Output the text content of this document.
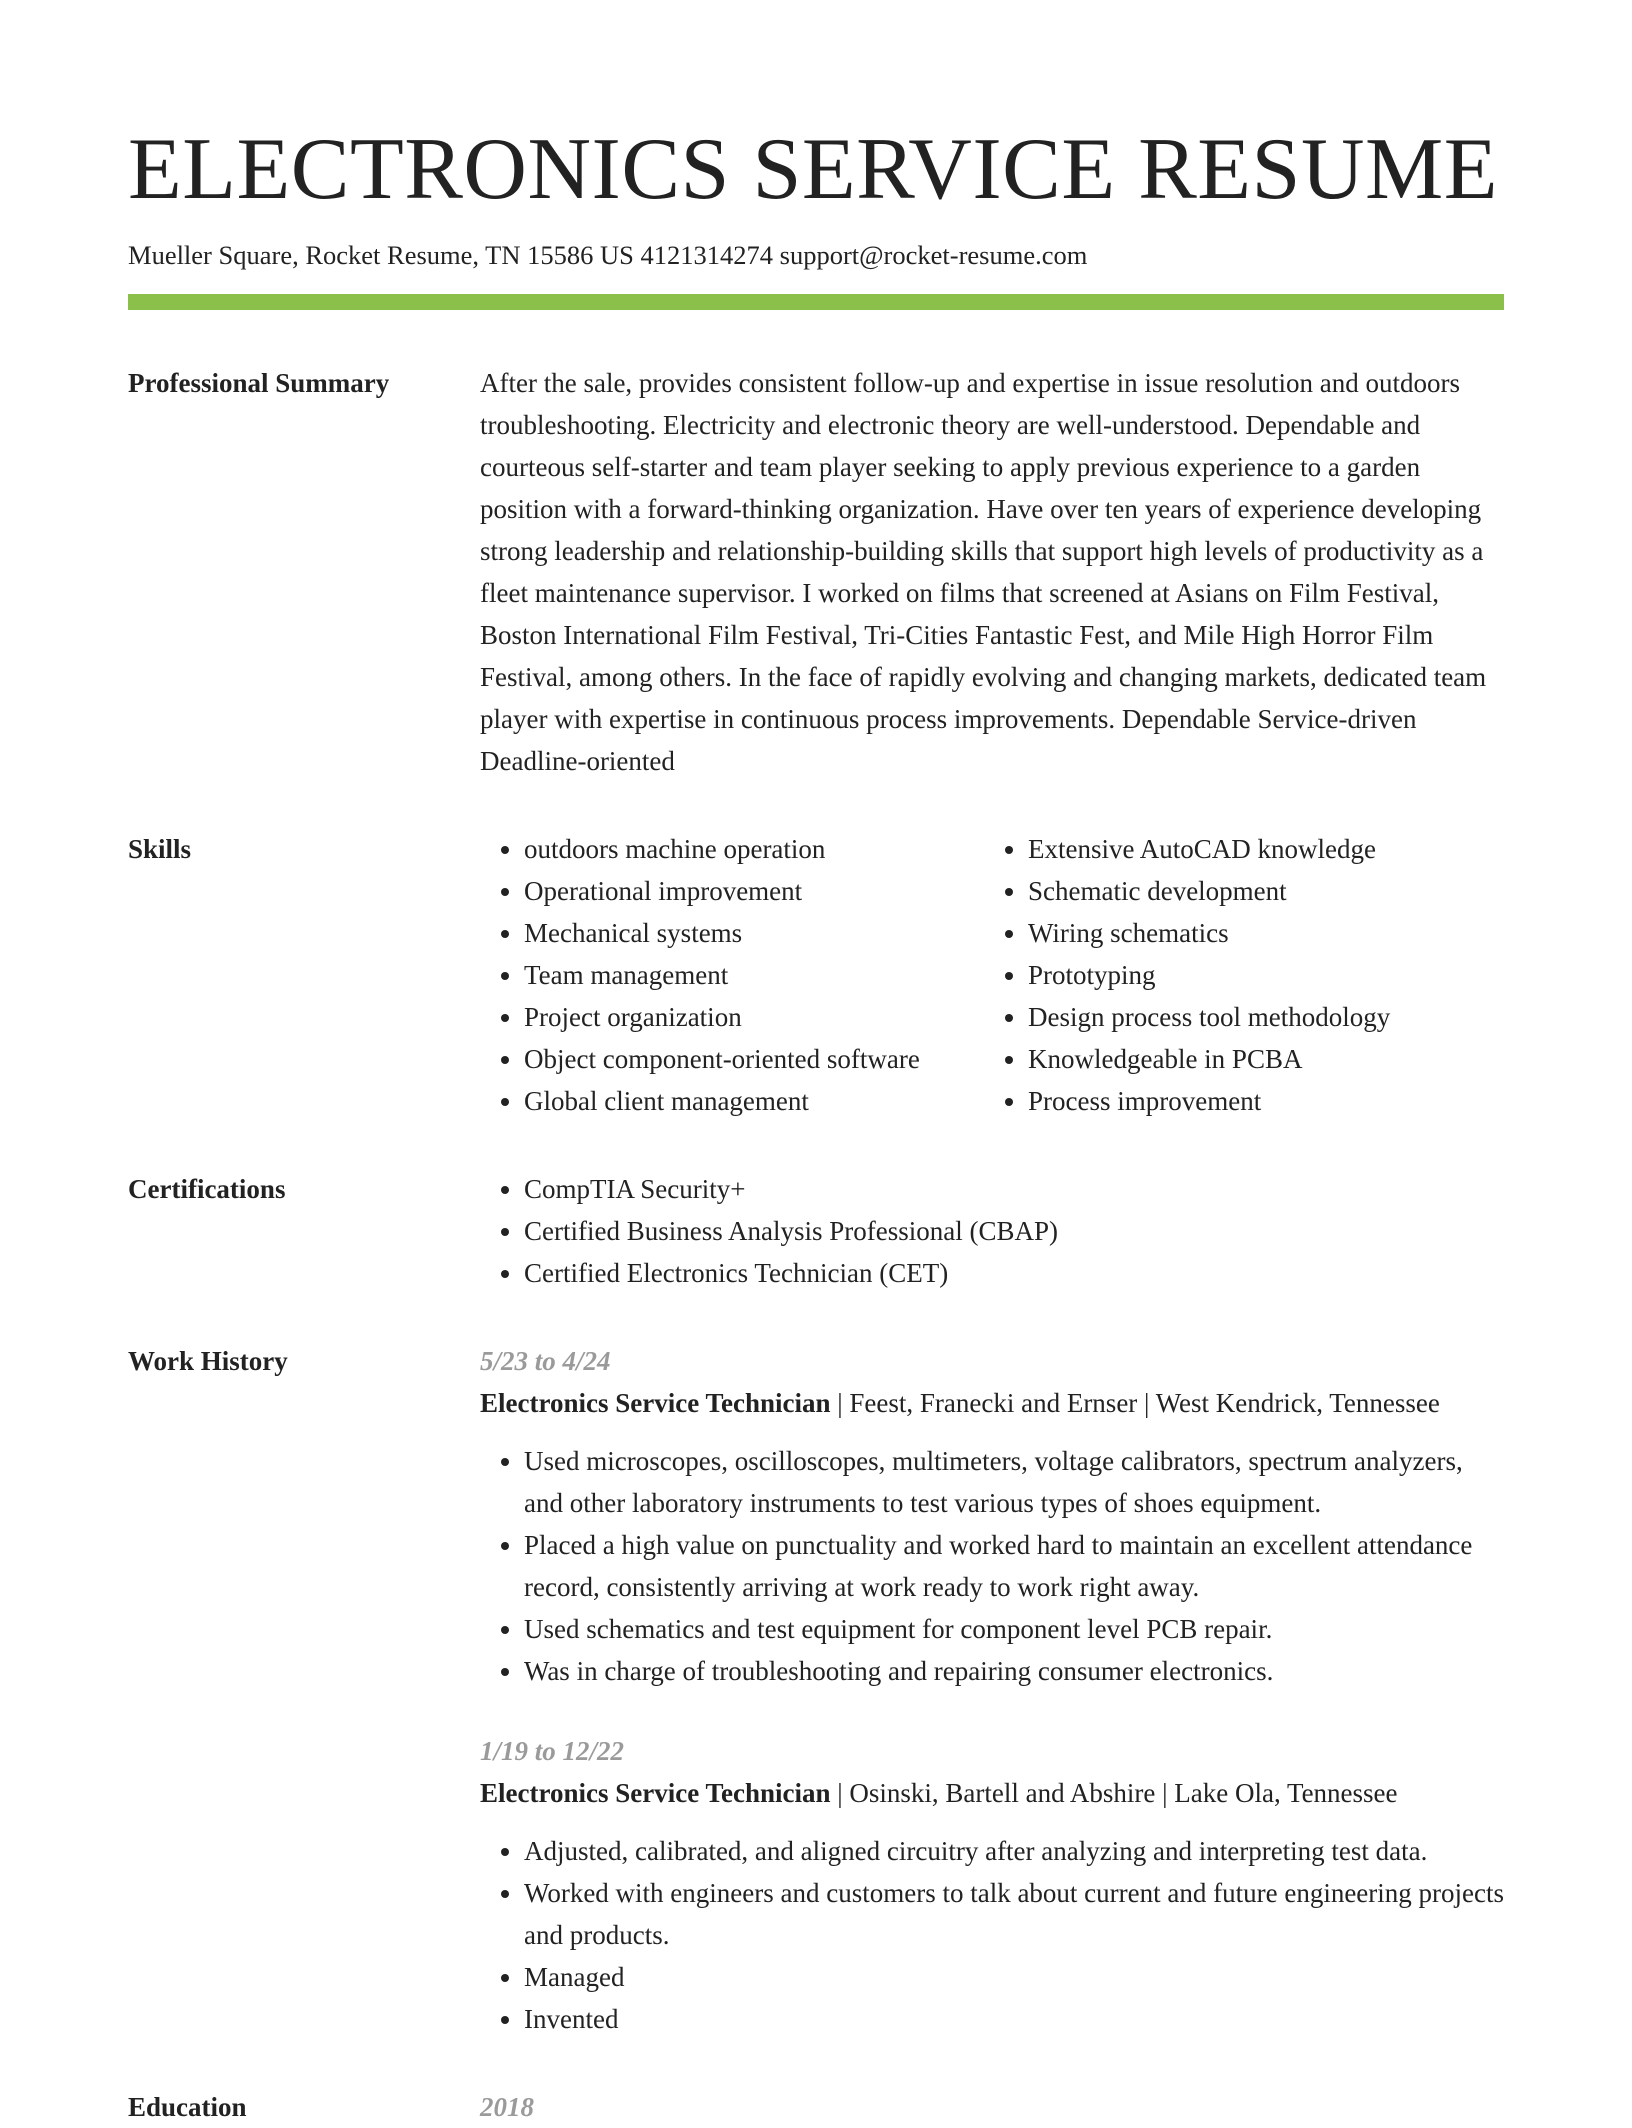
ELECTRONICS SERVICE RESUME
Mueller Square, Rocket Resume, TN 15586 US 4121314274 support@rocket-resume.com
Professional Summary	After the sale, provides consistent follow-up and expertise in issue resolution and outdoors troubleshooting. Electricity and electronic theory are well-understood. Dependable and courteous self-starter and team player seeking to apply previous experience to a garden position with a forward-thinking organization. Have over ten years of experience developing strong leadership and relationship-building skills that support high levels of productivity as a fleet maintenance supervisor. I worked on films that screened at Asians on Film Festival, Boston International Film Festival, Tri-Cities Fantastic Fest, and Mile High Horror Film Festival, among others. In the face of rapidly evolving and changing markets, dedicated team player with expertise in continuous process improvements. Dependable Service-driven Deadline-oriented

Skills	• outdoors machine operation
• Operational improvement
• Mechanical systems
• Team management
• Project organization
• Object component-oriented software
• Global client management
• Extensive AutoCAD knowledge
• Schematic development
• Wiring schematics
• Prototyping
• Design process tool methodology
• Knowledgeable in PCBA
• Process improvement
Certifications	• CompTIA Security+
• Certified Business Analysis Professional (CBAP)
• Certified Electronics Technician (CET)
Work History	5/23 to 4/24
Electronics Service Technician | Feest, Franecki and Ernser | West Kendrick, Tennessee
• Used microscopes, oscilloscopes, multimeters, voltage calibrators, spectrum analyzers, and other laboratory instruments to test various types of shoes equipment.
• Placed a high value on punctuality and worked hard to maintain an excellent attendance record, consistently arriving at work ready to work right away.
• Used schematics and test equipment for component level PCB repair.
• Was in charge of troubleshooting and repairing consumer electronics.
1/19 to 12/22
Electronics Service Technician | Osinski, Bartell and Abshire | Lake Ola, Tennessee
• Adjusted, calibrated, and aligned circuitry after analyzing and interpreting test data.
• Worked with engineers and customers to talk about current and future engineering projects and products.
• Managed
• Invented
Education	2018
